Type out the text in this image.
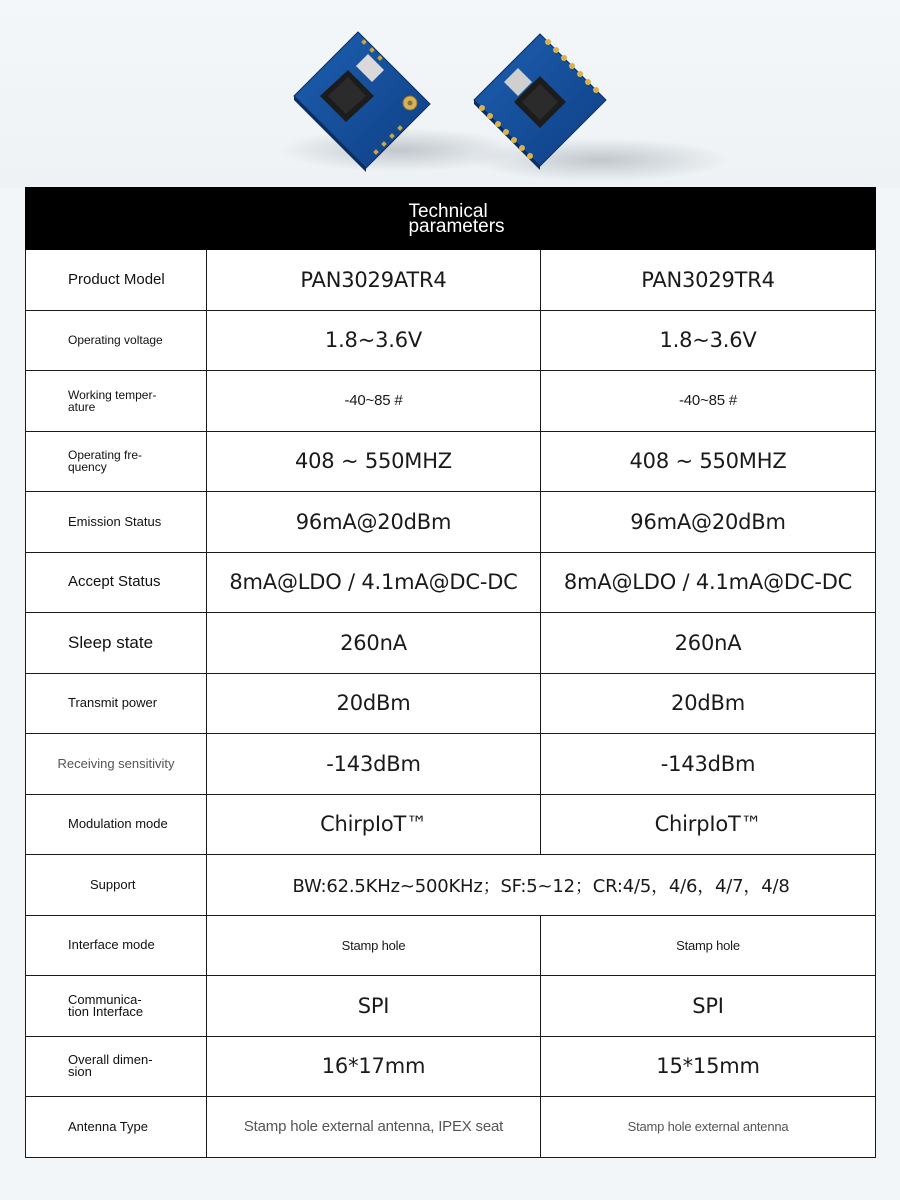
Technical
parameters		
Product Model	PAN3029ATR4	PAN3029TR4
Operating voltage	1.8~3.6V	1.8~3.6V
Working temper-
ature	-40~85 #	-40~85 #
Operating fre-
quency	408 ~ 550MHZ	408 ~ 550MHZ
Emission Status	96mA@20dBm	96mA@20dBm
Accept Status	8mA@LDO / 4.1mA@DC-DC	8mA@LDO / 4.1mA@DC-DC
Sleep state	260nA	260nA
Transmit power	20dBm	20dBm
Receiving sensitivity	-143dBm	-143dBm
Modulation mode	ChirpIoT™	ChirpIoT™
Support	BW:62.5KHz~500KHz；SF:5~12；CR:4/5，4/6，4/7，4/8	
Interface mode	Stamp hole	Stamp hole
Communica-
tion Interface	SPI	SPI
Overall dimen-
sion	16*17mm	15*15mm
Antenna Type	Stamp hole external antenna, IPEX seat	Stamp hole external antenna
